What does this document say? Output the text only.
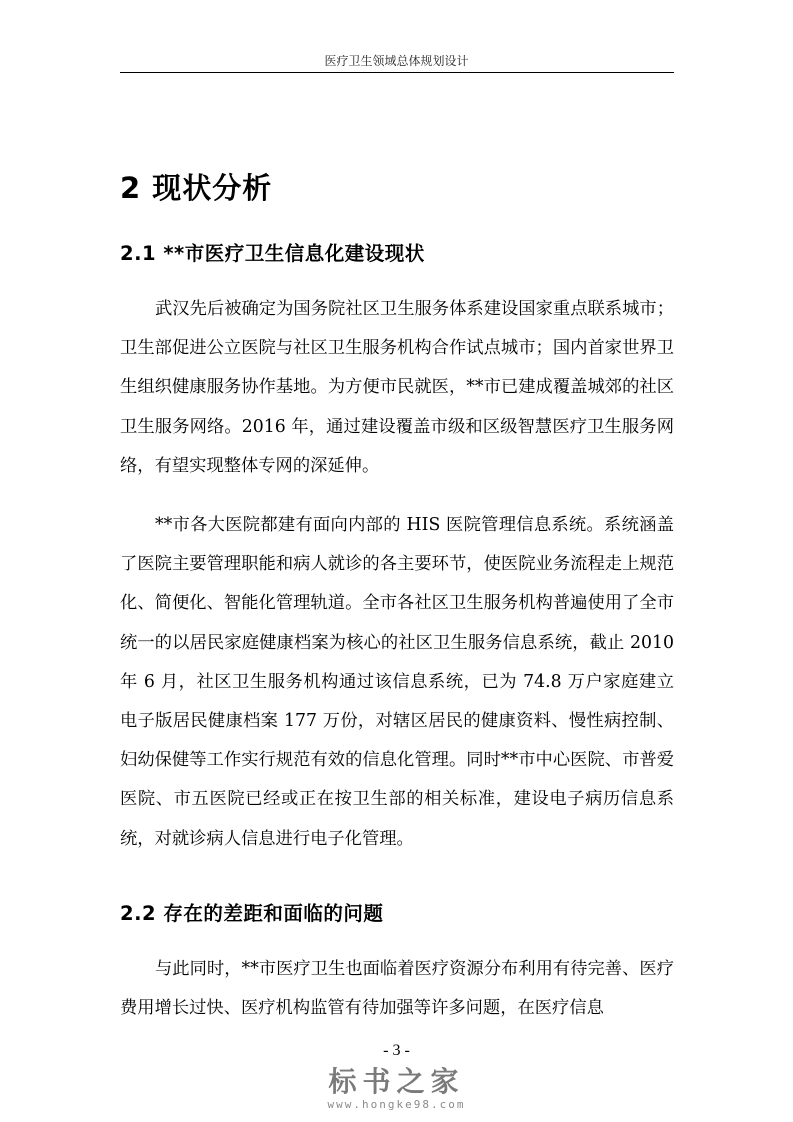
医疗卫生领域总体规划设计
2 现状分析
2.1 **市医疗卫生信息化建设现状

武汉先后被确定为国务院社区卫生服务体系建设国家重点联系城市；卫生部促进公立医院与社区卫生服务机构合作试点城市；国内首家世界卫生组织健康服务协作基地。为方便市民就医，**市已建成覆盖城郊的社区卫生服务网络。2016 年，通过建设覆盖市级和区级智慧医疗卫生服务网络，有望实现整体专网的深延伸。

**市各大医院都建有面向内部的 HIS 医院管理信息系统。系统涵盖了医院主要管理职能和病人就诊的各主要环节，使医院业务流程走上规范化、简便化、智能化管理轨道。全市各社区卫生服务机构普遍使用了全市统一的以居民家庭健康档案为核心的社区卫生服务信息系统，截止 2010 年 6 月，社区卫生服务机构通过该信息系统，已为 74.8 万户家庭建立电子版居民健康档案 177 万份，对辖区居民的健康资料、慢性病控制、妇幼保健等工作实行规范有效的信息化管理。同时**市中心医院、市普爱医院、市五医院已经或正在按卫生部的相关标准，建设电子病历信息系统，对就诊病人信息进行电子化管理。

2.2 存在的差距和面临的问题

与此同时，**市医疗卫生也面临着医疗资源分布利用有待完善、医疗费用增长过快、医疗机构监管有待加强等许多问题，在医疗信息

- 3 -
标书之家
www.hongke98.com
